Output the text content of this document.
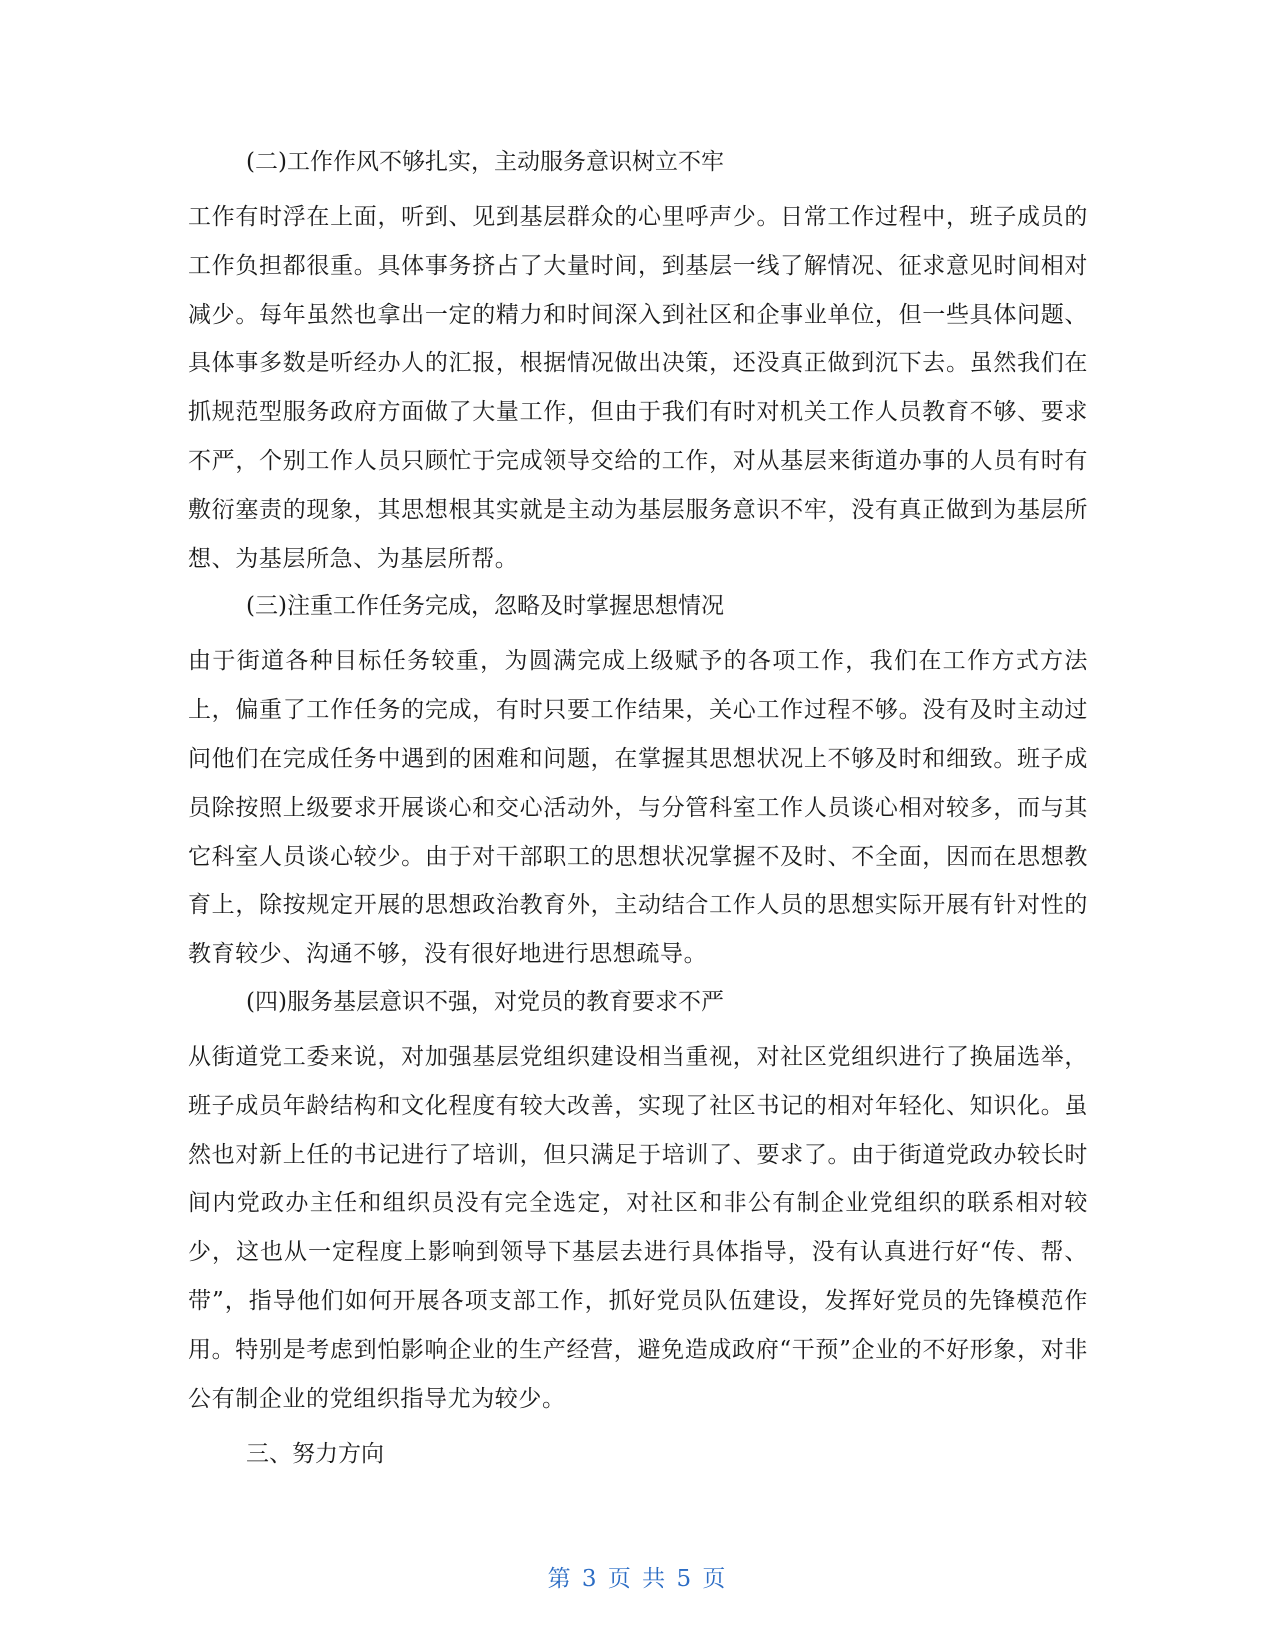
(二)工作作风不够扎实，主动服务意识树立不牢

工作有时浮在上面，听到、见到基层群众的心里呼声少。日常工作过程中，班子成员的工作负担都很重。具体事务挤占了大量时间，到基层一线了解情况、征求意见时间相对减少。每年虽然也拿出一定的精力和时间深入到社区和企事业单位，但一些具体问题、具体事多数是听经办人的汇报，根据情况做出决策，还没真正做到沉下去。虽然我们在抓规范型服务政府方面做了大量工作，但由于我们有时对机关工作人员教育不够、要求不严，个别工作人员只顾忙于完成领导交给的工作，对从基层来街道办事的人员有时有敷衍塞责的现象，其思想根其实就是主动为基层服务意识不牢，没有真正做到为基层所想、为基层所急、为基层所帮。

(三)注重工作任务完成，忽略及时掌握思想情况

由于街道各种目标任务较重，为圆满完成上级赋予的各项工作，我们在工作方式方法上，偏重了工作任务的完成，有时只要工作结果，关心工作过程不够。没有及时主动过问他们在完成任务中遇到的困难和问题，在掌握其思想状况上不够及时和细致。班子成员除按照上级要求开展谈心和交心活动外，与分管科室工作人员谈心相对较多，而与其它科室人员谈心较少。由于对干部职工的思想状况掌握不及时、不全面，因而在思想教育上，除按规定开展的思想政治教育外，主动结合工作人员的思想实际开展有针对性的教育较少、沟通不够，没有很好地进行思想疏导。

(四)服务基层意识不强，对党员的教育要求不严

从街道党工委来说，对加强基层党组织建设相当重视，对社区党组织进行了换届选举，班子成员年龄结构和文化程度有较大改善，实现了社区书记的相对年轻化、知识化。虽然也对新上任的书记进行了培训，但只满足于培训了、要求了。由于街道党政办较长时间内党政办主任和组织员没有完全选定，对社区和非公有制企业党组织的联系相对较少，这也从一定程度上影响到领导下基层去进行具体指导，没有认真进行好“传、帮、带”，指导他们如何开展各项支部工作，抓好党员队伍建设，发挥好党员的先锋模范作用。特别是考虑到怕影响企业的生产经营，避免造成政府“干预”企业的不好形象，对非公有制企业的党组织指导尤为较少。

三、努力方向
第 3 页 共 5 页
